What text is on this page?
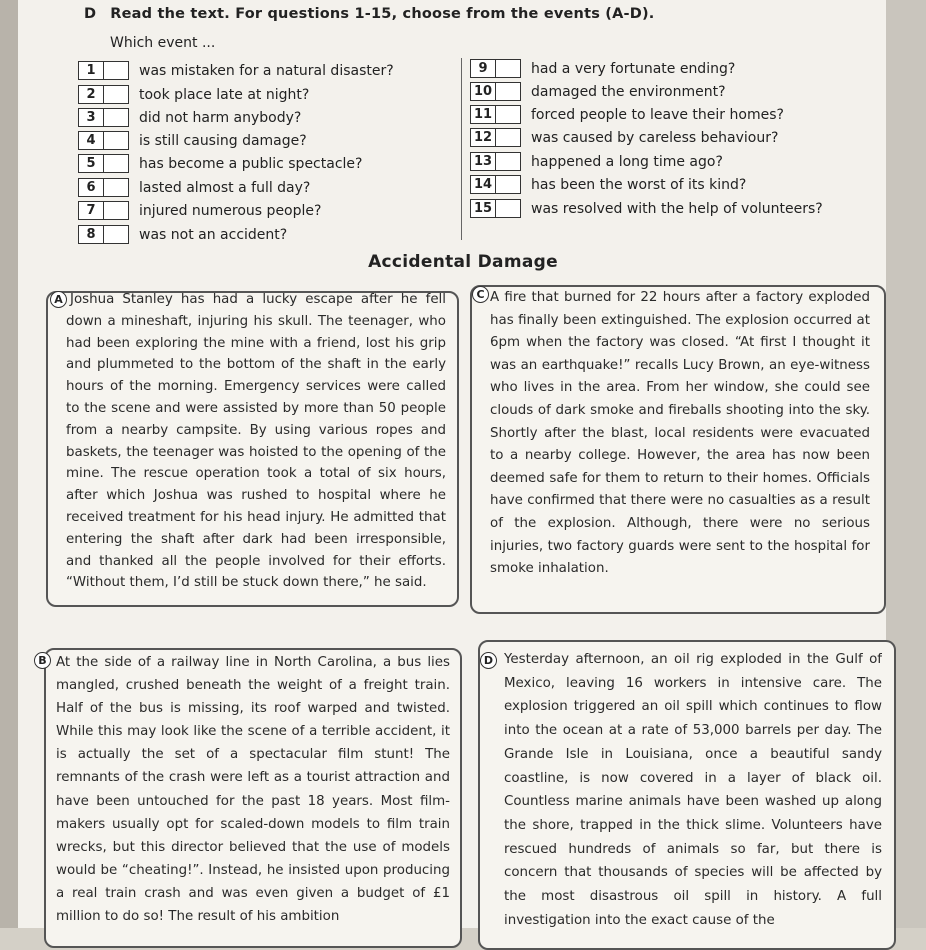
D Read the text. For questions 1-15, choose from the events (A-D).
Which event ...
1	was mistaken for a natural disaster?
2	took place late at night?
3	did not harm anybody?
4	is still causing damage?
5	has become a public spectacle?
6	lasted almost a full day?
7	injured numerous people?
8	was not an accident?
9	had a very fortunate ending?
10	damaged the environment?
11	forced people to leave their homes?
12	was caused by careless behaviour?
13	happened a long time ago?
14	has been the worst of its kind?
15	was resolved with the help of volunteers?
Accidental Damage
A Joshua Stanley has had a lucky escape after he fell down a mineshaft, injuring his skull. The teenager, who had been exploring the mine with a friend, lost his grip and plummeted to the bottom of the shaft in the early hours of the morning. Emergency services were called to the scene and were assisted by more than 50 people from a nearby campsite. By using various ropes and baskets, the teenager was hoisted to the opening of the mine. The rescue operation took a total of six hours, after which Joshua was rushed to hospital where he received treatment for his head injury. He admitted that entering the shaft after dark had been irresponsible, and thanked all the people involved for their efforts. “Without them, I’d still be stuck down there,” he said.
C A fire that burned for 22 hours after a factory exploded has finally been extinguished. The explosion occurred at 6pm when the factory was closed. “At first I thought it was an earthquake!” recalls Lucy Brown, an eye-witness who lives in the area. From her window, she could see clouds of dark smoke and fireballs shooting into the sky. Shortly after the blast, local residents were evacuated to a nearby college. However, the area has now been deemed safe for them to return to their homes. Officials have confirmed that there were no casualties as a result of the explosion. Although, there were no serious injuries, two factory guards were sent to the hospital for smoke inhalation.
B At the side of a railway line in North Carolina, a bus lies mangled, crushed beneath the weight of a freight train. Half of the bus is missing, its roof warped and twisted. While this may look like the scene of a terrible accident, it is actually the set of a spectacular film stunt! The remnants of the crash were left as a tourist attraction and have been untouched for the past 18 years. Most film-makers usually opt for scaled-down models to film train wrecks, but this director believed that the use of models would be “cheating!”. Instead, he insisted upon producing a real train crash and was even given a budget of £1 million to do so! The result of his ambition
D Yesterday afternoon, an oil rig exploded in the Gulf of Mexico, leaving 16 workers in intensive care. The explosion triggered an oil spill which continues to flow into the ocean at a rate of 53,000 barrels per day. The Grande Isle in Louisiana, once a beautiful sandy coastline, is now covered in a layer of black oil. Countless marine animals have been washed up along the shore, trapped in the thick slime. Volunteers have rescued hundreds of animals so far, but there is concern that thousands of species will be affected by the most disastrous oil spill in history. A full investigation into the exact cause of the
